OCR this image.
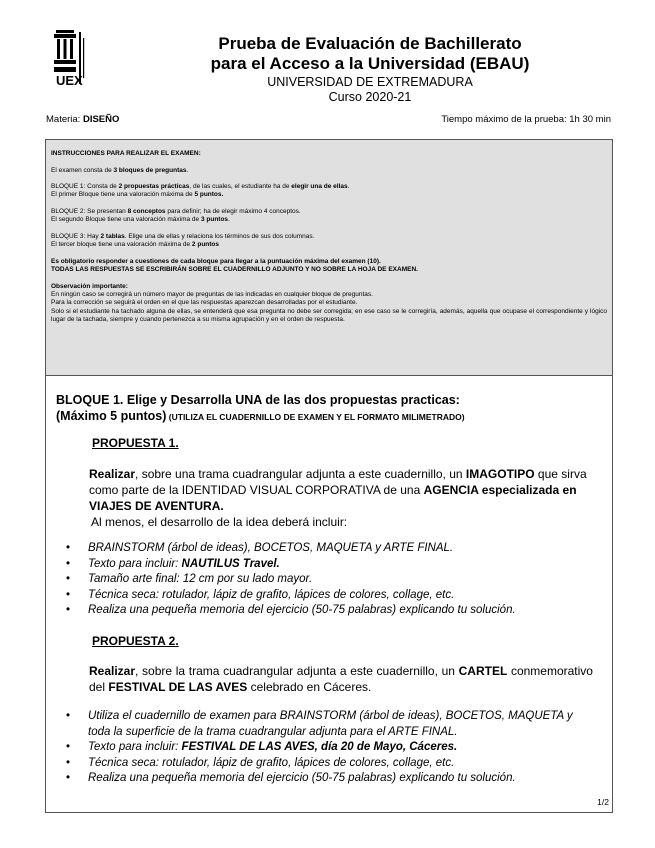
UEX
Prueba de Evaluación de Bachillerato
para el Acceso a la Universidad (EBAU)
UNIVERSIDAD DE EXTREMADURA
Curso 2020-21
Materia: DISEÑO	Tiempo máximo de la prueba: 1h 30 min

INSTRUCCIONES PARA REALIZAR EL EXAMEN:

El examen consta de 3 bloques de preguntas.

BLOQUE 1: Consta de 2 propuestas prácticas, de las cuales, el estudiante ha de elegir una de ellas.
El primer Bloque tiene una valoración máxima de 5 puntos.

BLOQUE 2: Se presentan 8 conceptos para definir; ha de elegir máximo 4 conceptos.
El segundo Bloque tiene una valoración máxima de 3 puntos.

BLOQUE 3: Hay 2 tablas. Elige una de ellas y relaciona los términos de sus dos columnas.
El tercer bloque tiene una valoración máxima de 2 puntos

Es obligatorio responder a cuestiones de cada bloque para llegar a la puntuación máxima del examen (10).
TODAS LAS RESPUESTAS SE ESCRIBIRÁN SOBRE EL CUADERNILLO ADJUNTO Y NO SOBRE LA HOJA DE EXAMEN.

Observación importante:
En ningún caso se corregirá un número mayor de preguntas de las indicadas en cualquier bloque de preguntas.
Para la corrección se seguirá el orden en el que las respuestas aparezcan desarrolladas por el estudiante.
Solo si el estudiante ha tachado alguna de ellas, se entenderá que esa pregunta no debe ser corregida; en ese caso se le corregiría, además, aquella que ocupase el correspondiente y lógico lugar de la tachada, siempre y cuando pertenezca a su misma agrupación y en el orden de respuesta.
BLOQUE 1. Elige y Desarrolla UNA de las dos propuestas practicas:
(Máximo 5 puntos) (UTILIZA EL CUADERNILLO DE EXAMEN Y EL FORMATO MILIMETRADO)
PROPUESTA 1.
Realizar, sobre una trama cuadrangular adjunta a este cuadernillo, un IMAGOTIPO que sirva como parte de la IDENTIDAD VISUAL CORPORATIVA de una AGENCIA especializada en VIAJES DE AVENTURA.
Al menos, el desarrollo de la idea deberá incluir:
• BRAINSTORM (árbol de ideas), BOCETOS, MAQUETA y ARTE FINAL.
• Texto para incluir: NAUTILUS Travel.
• Tamaño arte final: 12 cm por su lado mayor.
• Técnica seca: rotulador, lápiz de grafito, lápices de colores, collage, etc.
• Realiza una pequeña memoria del ejercicio (50-75 palabras) explicando tu solución.
PROPUESTA 2.
Realizar, sobre la trama cuadrangular adjunta a este cuadernillo, un CARTEL conmemorativo del FESTIVAL DE LAS AVES celebrado en Cáceres.
• Utiliza el cuadernillo de examen para BRAINSTORM (árbol de ideas), BOCETOS, MAQUETA y toda la superficie de la trama cuadrangular adjunta para el ARTE FINAL.
• Texto para incluir: FESTIVAL DE LAS AVES, día 20 de Mayo, Cáceres.
• Técnica seca: rotulador, lápiz de grafito, lápices de colores, collage, etc.
• Realiza una pequeña memoria del ejercicio (50-75 palabras) explicando tu solución.
1/2
